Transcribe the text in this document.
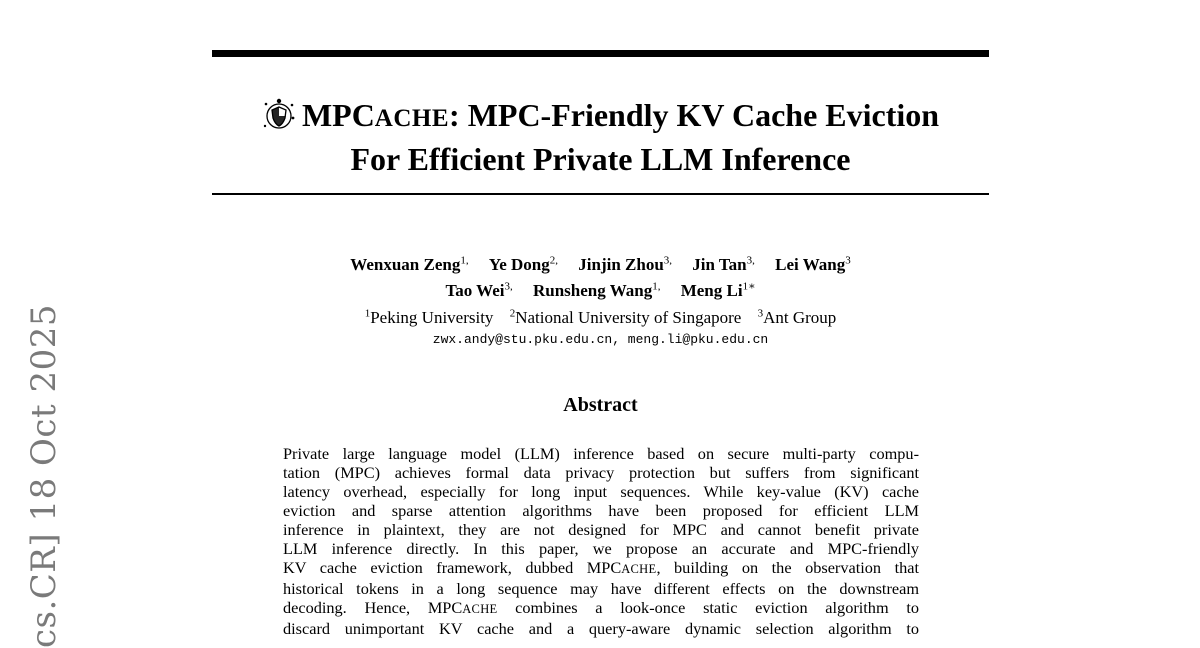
cs.CR] 18 Oct 2025
MPCACHE: MPC-Friendly KV Cache Eviction
For Efficient Private LLM Inference
Wenxuan Zeng$^{1,}$ Ye Dong$^{2,}$ Jinjin Zhou$^{3,}$ Jin Tan$^{3,}$ Lei Wang$^3$
Tao Wei$^{3,}$ Runsheng Wang$^{1,}$ Meng $Li^{1∗}$
$^1$Peking University $^2$National University of Singapore $^3$Ant Group
zwx.andy@stu.pku.edu.cn, meng.li@pku.edu.cn
Abstract
Private large language model (LLM) inference based on secure multi-party compu-
tation (MPC) achieves formal data privacy protection but suffers from significant
latency overhead, especially for long input sequences. While key-value (KV) cache
eviction and sparse attention algorithms have been proposed for efficient LLM
inference in plaintext, they are not designed for MPC and cannot benefit private
LLM inference directly. In this paper, we propose an accurate and MPC-friendly
KV cache eviction framework, dubbed MPCACHE, building on the observation that
historical tokens in a long sequence may have different effects on the downstream
decoding. Hence, MPCACHE combines a look-once static eviction algorithm to
discard unimportant KV cache and a query-aware dynamic selection algorithm to
